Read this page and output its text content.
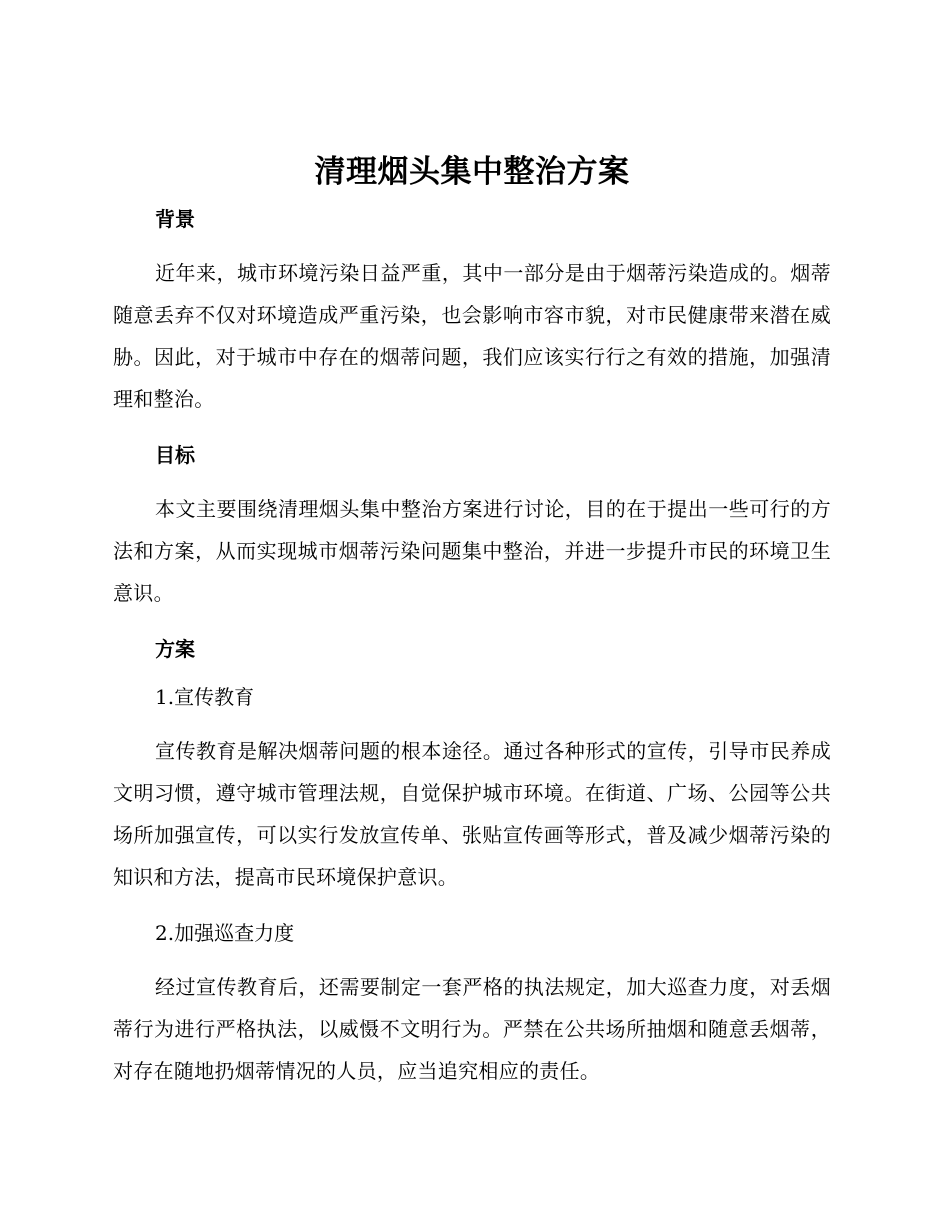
清理烟头集中整治方案

背景

近年来，城市环境污染日益严重，其中一部分是由于烟蒂污染造成的。烟蒂随意丢弃不仅对环境造成严重污染，也会影响市容市貌，对市民健康带来潜在威胁。因此，对于城市中存在的烟蒂问题，我们应该实行行之有效的措施，加强清理和整治。

目标

本文主要围绕清理烟头集中整治方案进行讨论，目的在于提出一些可行的方法和方案，从而实现城市烟蒂污染问题集中整治，并进一步提升市民的环境卫生意识。

方案

1.宣传教育

宣传教育是解决烟蒂问题的根本途径。通过各种形式的宣传，引导市民养成文明习惯，遵守城市管理法规，自觉保护城市环境。在街道、广场、公园等公共场所加强宣传，可以实行发放宣传单、张贴宣传画等形式，普及减少烟蒂污染的知识和方法，提高市民环境保护意识。

2.加强巡查力度

经过宣传教育后，还需要制定一套严格的执法规定，加大巡查力度，对丢烟蒂行为进行严格执法，以威慑不文明行为。严禁在公共场所抽烟和随意丢烟蒂，对存在随地扔烟蒂情况的人员，应当追究相应的责任。
